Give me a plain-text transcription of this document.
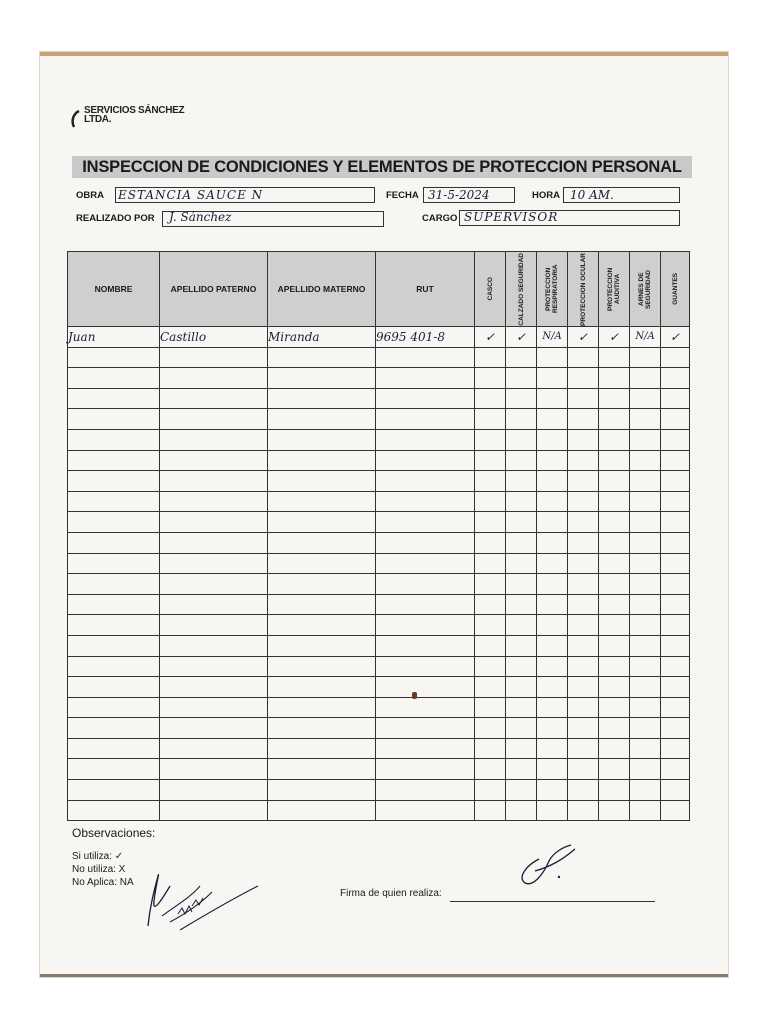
SERVICIOS SÁNCHEZ LTDA.
INSPECCION DE CONDICIONES Y ELEMENTOS DE PROTECCION PERSONAL
OBRA ESTANCIA SAUCE N	FECHA 31-5-2024	HORA 10 AM.
REALIZADO POR J. Sánchez	CARGO SUPERVISOR
NOMBRE	APELLIDO PATERNO	APELLIDO MATERNO	RUT	CASCO	CALZADO SEGURIDAD	PROTECCION RESPIRATORIA	PROTECCION OCULAR	PROTECCION AUDITIVA	ARNES DE SEGURIDAD	GUANTES

Juan	Castillo	Miranda	9695 401-8	✓	✓	N/A	✓	✓	N/A	✓

Observaciones:
Si utiliza: ✓
No utiliza: X
No Aplica: NA
Firma de quien realiza:
